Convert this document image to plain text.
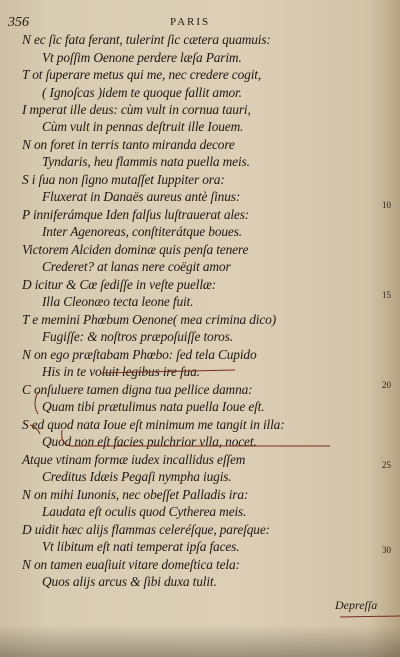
356	PARIS
N ec ſic fata ferant, tulerint ſic cætera quamuis:
Vt poſſim Oenone perdere læſa Parim.
T ot ſuperare metus qui me, nec credere cogit,
( Ignoſcas )idem te quoque fallit amor.
I mperat ille deus: cùm vult in cornua tauri,
Cùm vult in pennas deſtruit ille Iouem.
N on foret in terris tanto miranda decore
Tyndaris, heu flammis nata puella meis.
S i ſua non ſigno mutaſſet Iuppiter ora:
Fluxerat in Danaës aureus antè ſinus:
P inniferámque Iden falſus luſtrauerat ales:
Inter Agenoreas, conſtiterátque boues.
Victorem Alciden dominæ quis penſa tenere
Crederet? at lanas nere coëgit amor
D icitur & Cœ ſediſſe in veſte puellæ:
Illa Cleonæo tecta leone fuit.
T e memini Phœbum Oenone( mea crimina dico)
Fugiſſe: & noſtros præpoſuiſſe toros.
N on ego præſtabam Phœbo: ſed tela Cupido
His in te voluit legibus ire ſua.
C onſuluere tamen digna tua pellice damna:
Quam tibi prætulimus nata puella Ioue eſt.
S ed quod nata Ioue eſt minimum me tangit in illa:
Quod non eſt facies pulchrior vlla, nocet.
Atque vtinam formæ iudex incallidus eſſem
Creditus Idæis Pegaſi nympha iugis.
N on mihi Iunonis, nec obeſſet Palladis ira:
Laudata eſt oculis quod Cytherea meis.
D uidit hæc alijs flammas celeréſque, pareſque:
Vt libitum eſt nati temperat ipſa faces.
N on tamen euaſiuit vitare domeſtica tela:
Quos alijs arcus & ſibi duxa tulit.
10
15
20
25
30
Depreſſa
